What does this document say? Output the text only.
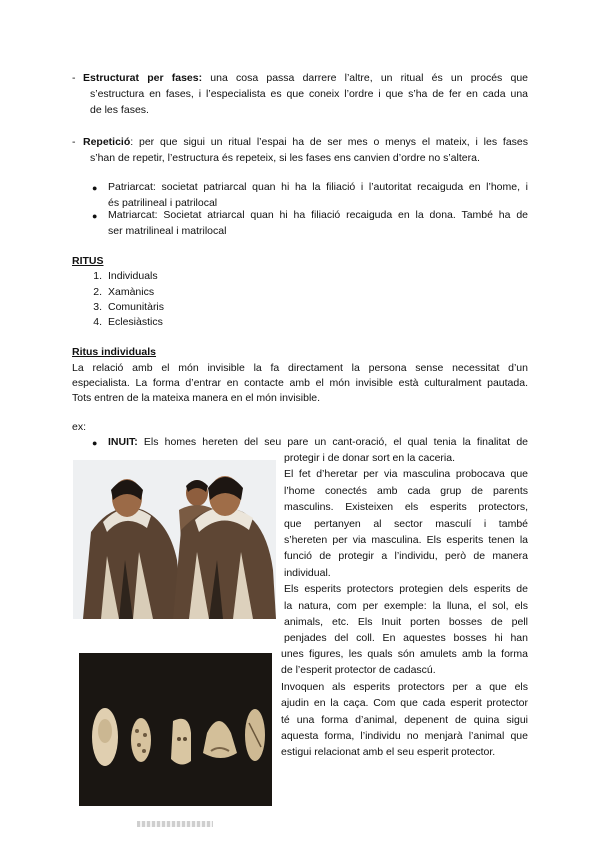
- Estructurat per fases: una cosa passa darrere l’altre, un ritual és un procés que
s’estructura en fases, i l’especialista es que coneix l’ordre i que s’ha de fer en cada una
de les fases.
- Repetició: per que sigui un ritual l’espai ha de ser mes o menys el mateix, i les fases
s’han de repetir, l’estructura és repeteix, si les fases ens canvien d’ordre no s’altera.
● Patriarcat: societat patriarcal quan hi ha la filiació i l’autoritat recaiguda en l’home, i
és patrilineal i patrilocal
● Matriarcat: Societat atriarcal quan hi ha filiació recaiguda en la dona. També ha de
ser matrilineal i matrilocal
RITUS
1. Individuals
2. Xamànics
3. Comunitàris
4. Eclesiàstics
Ritus individuals
La relació amb el món invisible la fa directament la persona sense necessitat d’un
especialista. La forma d’entrar en contacte amb el món invisible està culturalment pautada.
Tots entren de la mateixa manera en el món invisible.
ex:
● INUIT: Els homes hereten del seu pare un cant-oració, el qual tenia la finalitat de
protegir i de donar sort en la caceria.
El fet d’heretar per via masculina probocava que
l’home conectés amb cada grup de parents
masculins. Existeixen els esperits protectors,
que pertanyen al sector masculí i també
s’hereten per via masculina. Els esperits tenen la
funció de protegir a l’individu, però de manera
individual.
Els esperits protectors protegien dels esperits de
la natura, com per exemple: la lluna, el sol, els
animals, etc. Els Inuit porten bosses de pell
penjades del coll. En aquestes bosses hi han
unes figures, les quals són amulets amb la forma
de l’esperit protector de cadascú.
Invoquen als esperits protectors per a que els
ajudin en la caça. Com que cada esperit protector
té una forma d’animal, depenent de quina sigui
aquesta forma, l’individu no menjarà l’animal que
estigui relacionat amb el seu esperit protector.
